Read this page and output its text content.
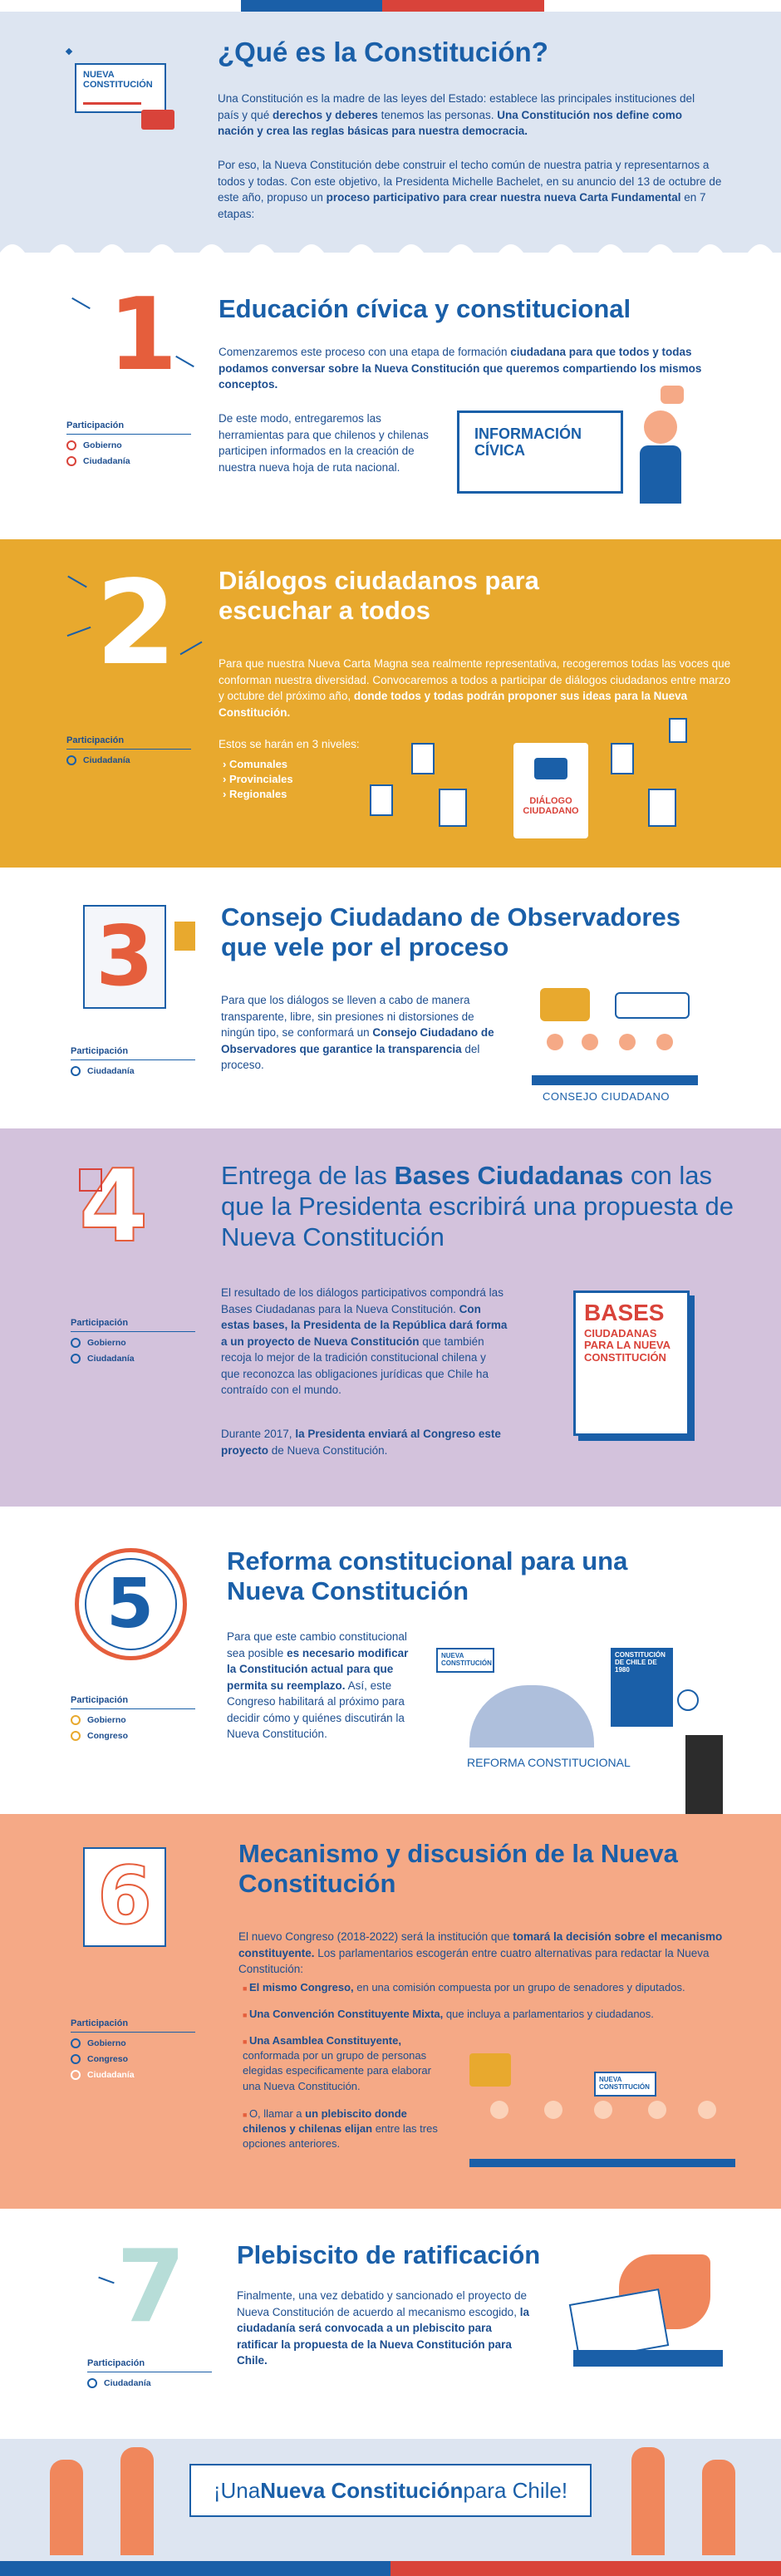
NUEVA CONSTITUCIÓN
¿Qué es la Constitución?
Una Constitución es la madre de las leyes del Estado: establece las principales instituciones del país y qué derechos y deberes tenemos las personas. Una Constitución nos define como nación y crea las reglas básicas para nuestra democracia.
Por eso, la Nueva Constitución debe construir el techo común de nuestra patria y representarnos a todos y todas. Con este objetivo, la Presidenta Michelle Bachelet, en su anuncio del 13 de octubre de este año, propuso un proceso participativo para crear nuestra nueva Carta Fundamental en 7 etapas:
1 Educación cívica y constitucional
Comenzaremos este proceso con una etapa de formación ciudadana para que todos y todas podamos conversar sobre la Nueva Constitución que queremos compartiendo los mismos conceptos.
De este modo, entregaremos las herramientas para que chilenos y chilenas participen informados en la creación de nuestra nueva hoja de ruta nacional.
Participación
Gobierno
Ciudadanía
INFORMACIÓN CÍVICA
2 Diálogos ciudadanos para escuchar a todos
Para que nuestra Nueva Carta Magna sea realmente representativa, recogeremos todas las voces que conforman nuestra diversidad. Convocaremos a todos a participar de diálogos ciudadanos entre marzo y octubre del próximo año, donde todos y todas podrán proponer sus ideas para la Nueva Constitución.
Estos se harán en 3 niveles:
› Comunales
› Provinciales
› Regionales
Participación
Ciudadanía
DIÁLOGO CIUDADANO
3	Consejo Ciudadano de Observadores que vele por el proceso
Para que los diálogos se lleven a cabo de manera transparente, libre, sin presiones ni distorsiones de ningún tipo, se conformará un Consejo Ciudadano de Observadores que garantice la transparencia del proceso.
Participación
Ciudadanía
CONSEJO CIUDADANO
4	Entrega de las Bases Ciudadanas con las que la Presidenta escribirá una propuesta de Nueva Constitución
El resultado de los diálogos participativos compondrá las Bases Ciudadanas para la Nueva Constitución. Con estas bases, la Presidenta de la República dará forma a un proyecto de Nueva Constitución que también recoja lo mejor de la tradición constitucional chilena y que reconozca las obligaciones jurídicas que Chile ha contraído con el mundo.
Durante 2017, la Presidenta enviará al Congreso este proyecto de Nueva Constitución.
Participación
Gobierno
Ciudadanía
BASES
CIUDADANAS PARA LA NUEVA CONSTITUCIÓN
5
Reforma constitucional para una Nueva Constitución
Para que este cambio constitucional sea posible es necesario modificar la Constitución actual para que permita su reemplazo. Así, este Congreso habilitará al próximo para decidir cómo y quiénes discutirán la Nueva Constitución.
Participación
Gobierno
Congreso
NUEVA CONSTITUCIÓN
CONSTITUCIÓN DE CHILE DE 1980
REFORMA CONSTITUCIONAL
6	Mecanismo y discusión de la Nueva Constitución
El nuevo Congreso (2018-2022) será la institución que tomará la decisión sobre el mecanismo constituyente. Los parlamentarios escogerán entre cuatro alternativas para redactar la Nueva Constitución:
■ El mismo Congreso, en una comisión compuesta por un grupo de senadores y diputados.
■ Una Convención Constituyente Mixta, que incluya a parlamentarios y ciudadanos.
■ Una Asamblea Constituyente, conformada por un grupo de personas elegidas especificamente para elaborar una Nueva Constitución.
■ O, llamar a un plebiscito donde chilenos y chilenas elijan entre las tres opciones anteriores.
Participación
Gobierno
Congreso
Ciudadanía	NUEVA CONSTITUCIÓN
7 Plebiscito de ratificación
Finalmente, una vez debatido y sancionado el proyecto de Nueva Constitución de acuerdo al mecanismo escogido, la ciudadanía será convocada a un plebiscito para ratificar la propuesta de la Nueva Constitución para Chile.
Participación
Ciudadanía
¡Una Nueva Constitución para Chile!
